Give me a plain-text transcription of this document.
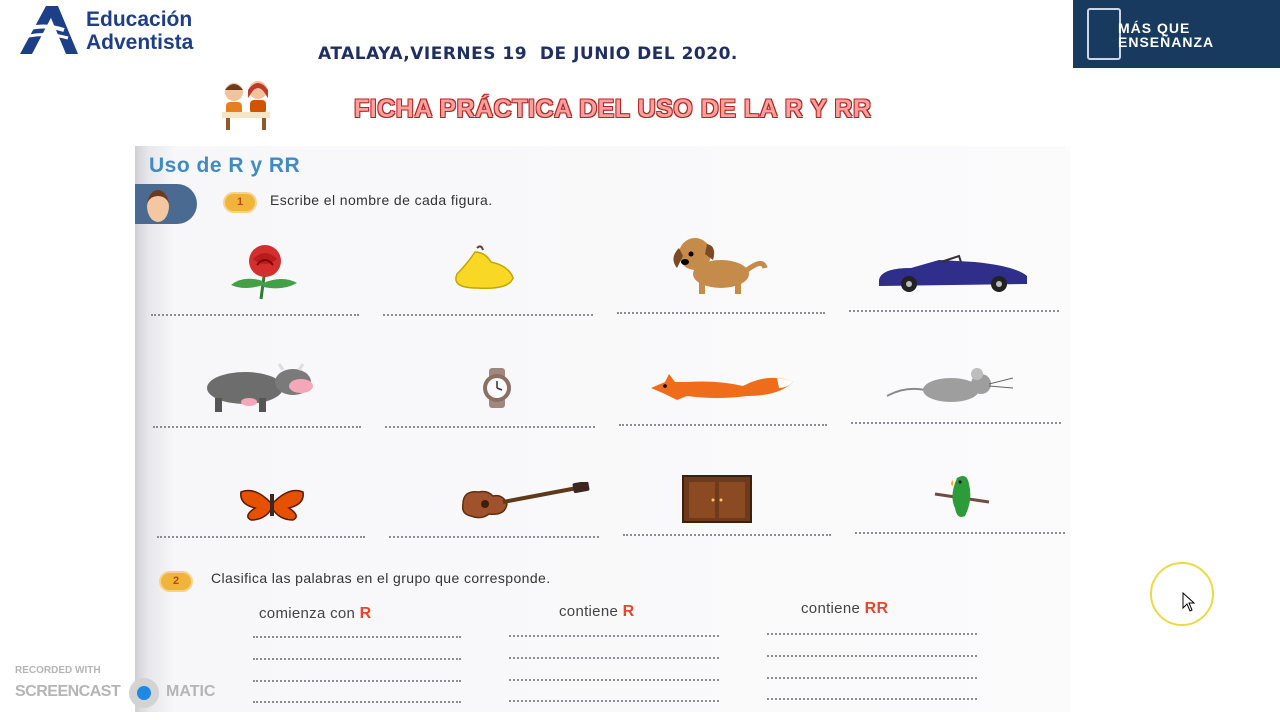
Educación
Adventista	ATALAYA,VIERNES 19  DE JUNIO DEL 2020.
MÁS QUE
ENSEÑANZA
FICHA PRÁCTICA DEL USO DE LA R Y RR
Uso de R y RR
1	Escribe el nombre de cada figura.
2	Clasifica las palabras en el grupo que corresponde.
comienza con R	contiene R	contiene RR
RECORDED WITH
SCREENCAST	MATIC
